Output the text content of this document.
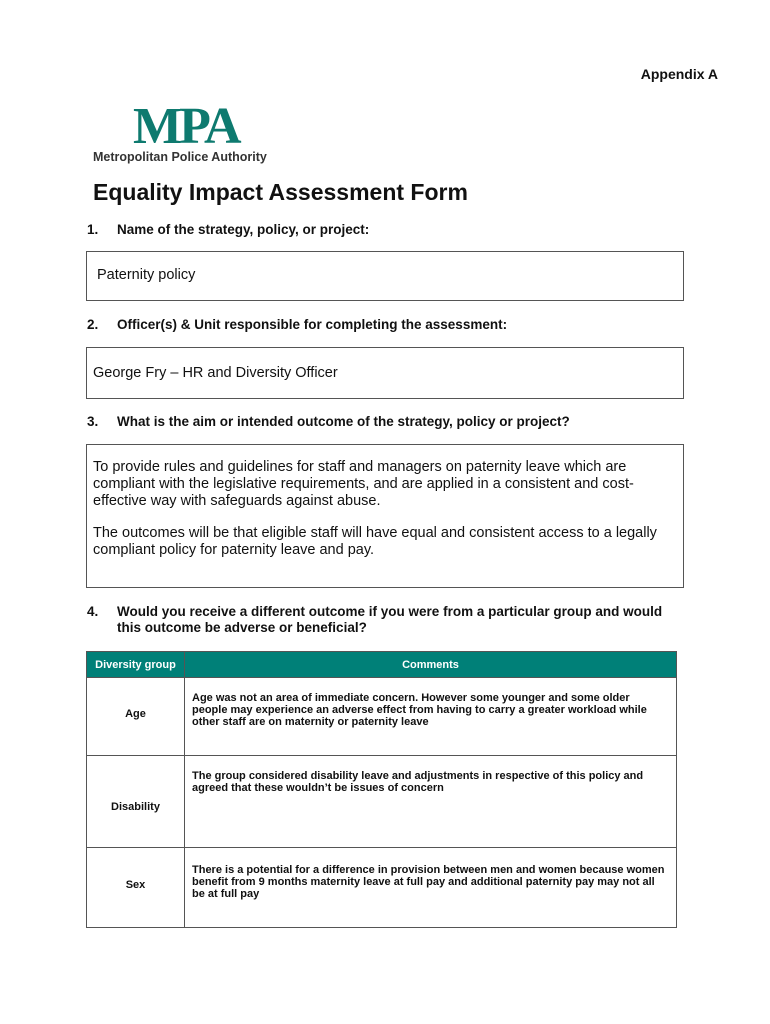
Appendix A
MPA
Metropolitan Police Authority
Equality Impact Assessment Form
1. Name of the strategy, policy, or project:

Paternity policy

2. Officer(s) & Unit responsible for completing the assessment:

George Fry – HR and Diversity Officer

3. What is the aim or intended outcome of the strategy, policy or project?

To provide rules and guidelines for staff and managers on paternity leave which are compliant with the legislative requirements, and are applied in a consistent and cost-effective way with safeguards against abuse.

The outcomes will be that eligible staff will have equal and consistent access to a legally compliant policy for paternity leave and pay.

4. Would you receive a different outcome if you were from a particular group and would this outcome be adverse or beneficial?
Diversity group	Comments

Age	Age was not an area of immediate concern. However some younger and some older people may experience an adverse effect from having to carry a greater workload while other staff are on maternity or paternity leave

Disability	The group considered disability leave and adjustments in respective of this policy and agreed that these wouldn’t be issues of concern

Sex	There is a potential for a difference in provision between men and women because women benefit from 9 months maternity leave at full pay and additional paternity pay may not all be at full pay
